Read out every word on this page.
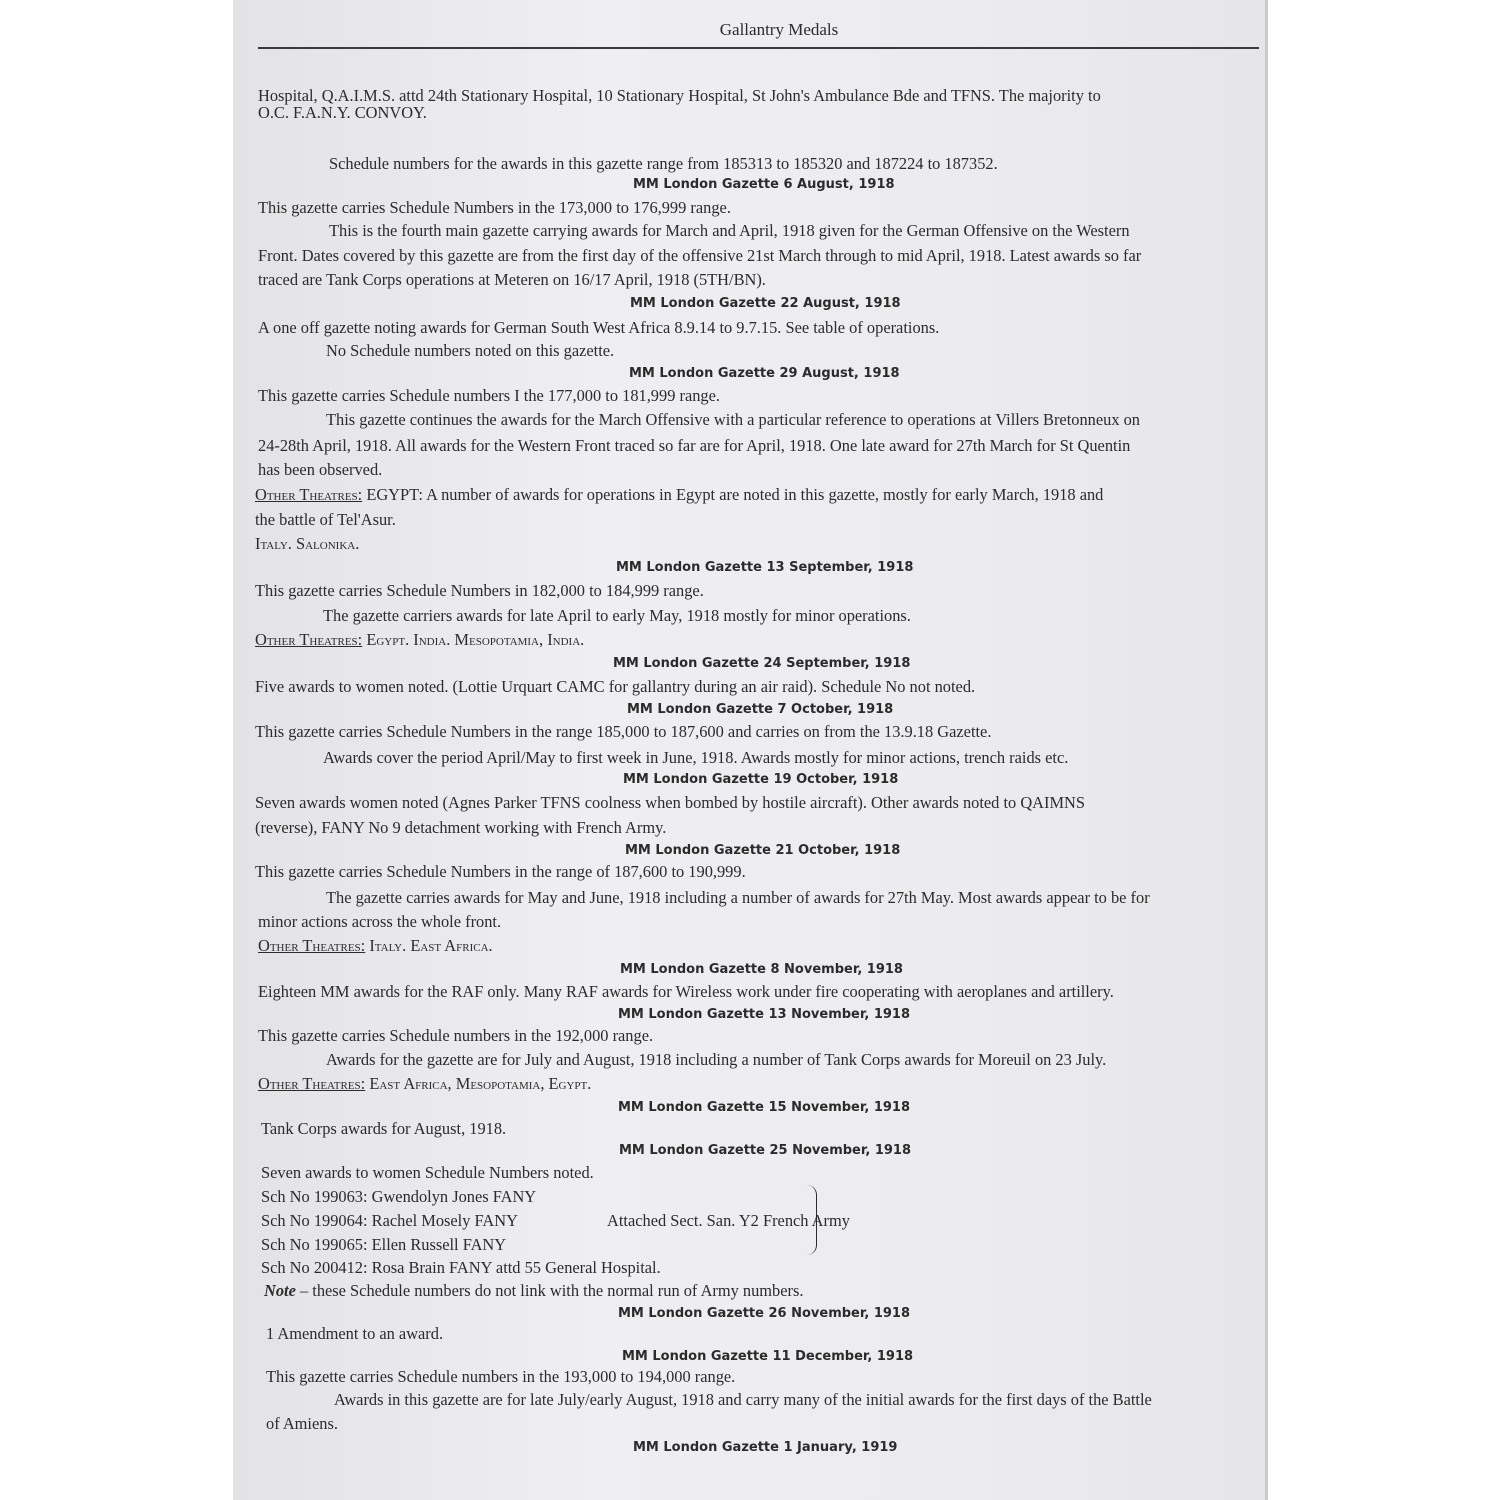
Gallantry Medals
Hospital, Q.A.I.M.S. attd 24th Stationary Hospital, 10 Stationary Hospital, St John's Ambulance Bde and TFNS. The majority to
O.C. F.A.N.Y. CONVOY.
Schedule numbers for the awards in this gazette range from 185313 to 185320 and 187224 to 187352.
MM London Gazette 6 August, 1918
This gazette carries Schedule Numbers in the 173,000 to 176,999 range.
This is the fourth main gazette carrying awards for March and April, 1918 given for the German Offensive on the Western
Front. Dates covered by this gazette are from the first day of the offensive 21st March through to mid April, 1918. Latest awards so far
traced are Tank Corps operations at Meteren on 16/17 April, 1918 (5TH/BN).
MM London Gazette 22 August, 1918
A one off gazette noting awards for German South West Africa 8.9.14 to 9.7.15. See table of operations.
No Schedule numbers noted on this gazette.
MM London Gazette 29 August, 1918
This gazette carries Schedule numbers I the 177,000 to 181,999 range.
This gazette continues the awards for the March Offensive with a particular reference to operations at Villers Bretonneux on
24-28th April, 1918. All awards for the Western Front traced so far are for April, 1918. One late award for 27th March for St Quentin
has been observed.
Other Theatres: EGYPT: A number of awards for operations in Egypt are noted in this gazette, mostly for early March, 1918 and
the battle of Tel'Asur.
Italy. Salonika.
MM London Gazette 13 September, 1918
This gazette carries Schedule Numbers in 182,000 to 184,999 range.
The gazette carriers awards for late April to early May, 1918 mostly for minor operations.
Other Theatres: Egypt. India. Mesopotamia, India.
MM London Gazette 24 September, 1918
Five awards to women noted. (Lottie Urquart CAMC for gallantry during an air raid). Schedule No not noted.
MM London Gazette 7 October, 1918
This gazette carries Schedule Numbers in the range 185,000 to 187,600 and carries on from the 13.9.18 Gazette.
Awards cover the period April/May to first week in June, 1918. Awards mostly for minor actions, trench raids etc.
MM London Gazette 19 October, 1918
Seven awards women noted (Agnes Parker TFNS coolness when bombed by hostile aircraft). Other awards noted to QAIMNS
(reverse), FANY No 9 detachment working with French Army.
MM London Gazette 21 October, 1918
This gazette carries Schedule Numbers in the range of 187,600 to 190,999.
The gazette carries awards for May and June, 1918 including a number of awards for 27th May. Most awards appear to be for
minor actions across the whole front.
Other Theatres: Italy. East Africa.
MM London Gazette 8 November, 1918
Eighteen MM awards for the RAF only. Many RAF awards for Wireless work under fire cooperating with aeroplanes and artillery.
MM London Gazette 13 November, 1918
This gazette carries Schedule numbers in the 192,000 range.
Awards for the gazette are for July and August, 1918 including a number of Tank Corps awards for Moreuil on 23 July.
Other Theatres: East Africa, Mesopotamia, Egypt.
MM London Gazette 15 November, 1918
Tank Corps awards for August, 1918.
MM London Gazette 25 November, 1918
Seven awards to women Schedule Numbers noted.
Sch No 199063: Gwendolyn Jones FANY
Sch No 199064: Rachel Mosely FANY
Sch No 199065: Ellen Russell FANY
Attached Sect. San. Y2 French Army
Sch No 200412: Rosa Brain FANY attd 55 General Hospital.
Note – these Schedule numbers do not link with the normal run of Army numbers.
MM London Gazette 26 November, 1918
1 Amendment to an award.
MM London Gazette 11 December, 1918
This gazette carries Schedule numbers in the 193,000 to 194,000 range.
Awards in this gazette are for late July/early August, 1918 and carry many of the initial awards for the first days of the Battle
of Amiens.
MM London Gazette 1 January, 1919
